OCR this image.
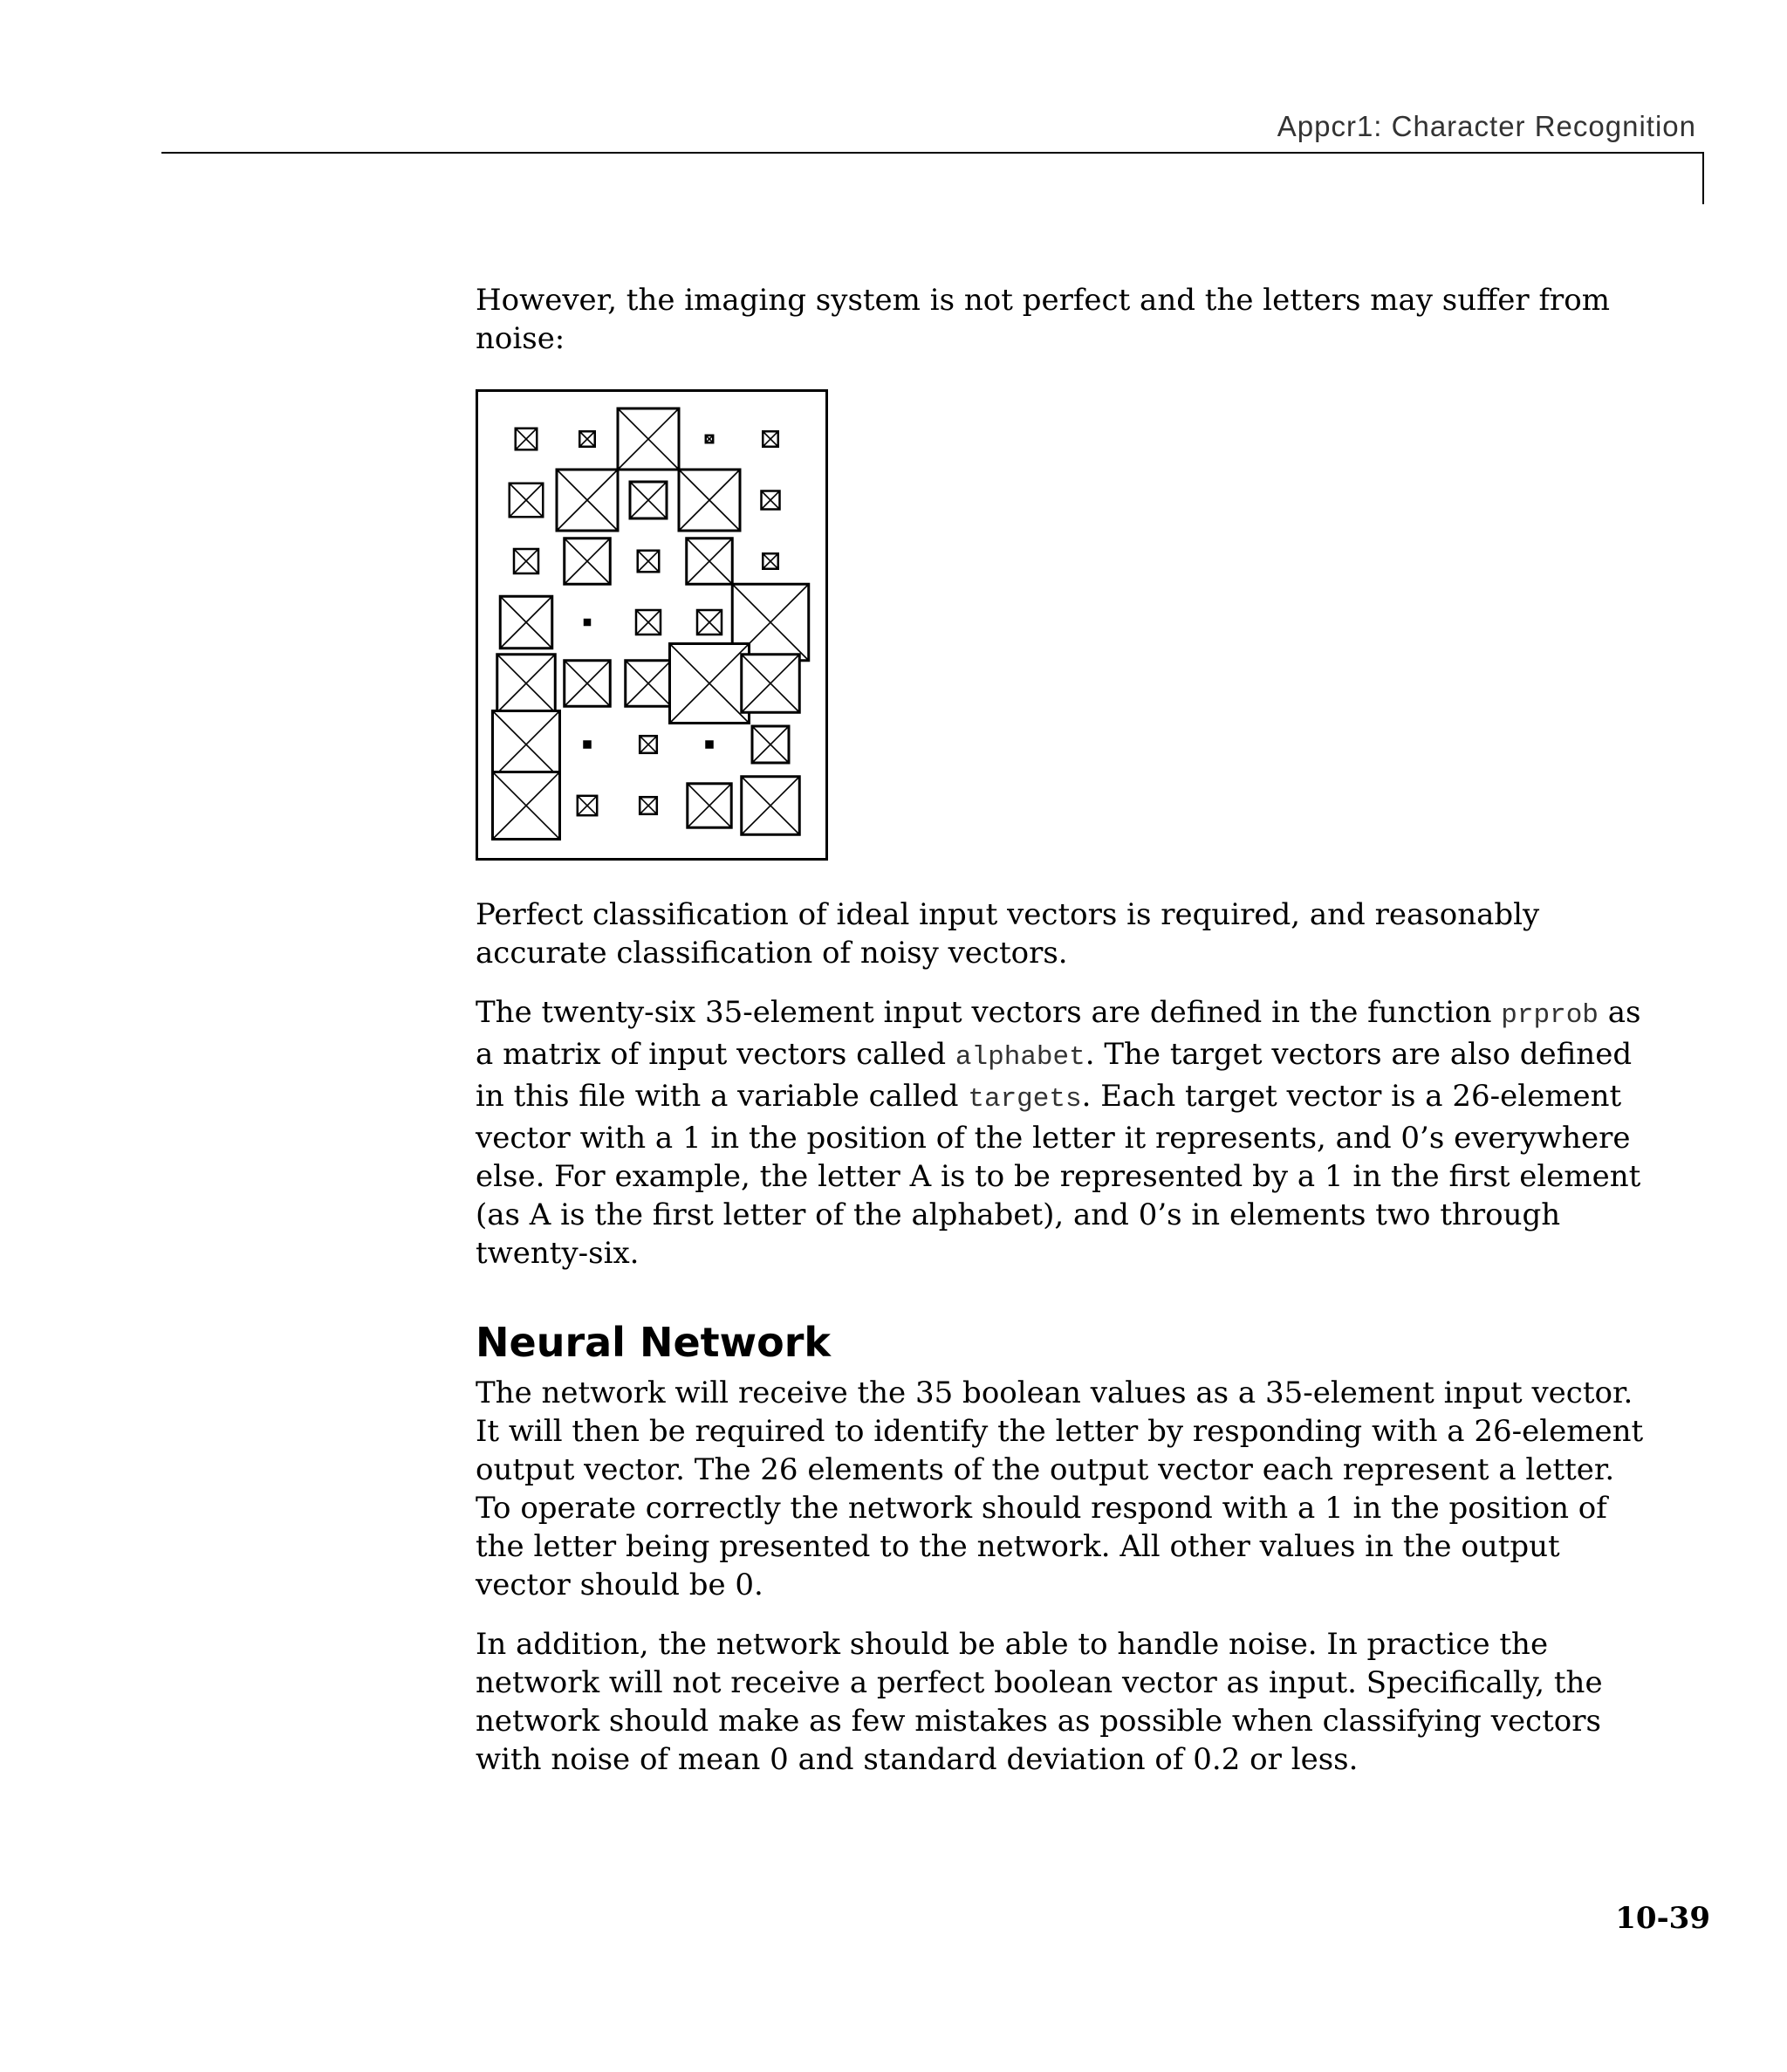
Appcr1: Character Recognition

However, the imaging system is not perfect and the letters may suffer from noise:

Perfect classification of ideal input vectors is required, and reasonably accurate classification of noisy vectors.

The twenty-six 35-element input vectors are defined in the function prprob as a matrix of input vectors called alphabet. The target vectors are also defined in this file with a variable called targets. Each target vector is a 26-element vector with a 1 in the position of the letter it represents, and 0’s everywhere else. For example, the letter A is to be represented by a 1 in the first element (as A is the first letter of the alphabet), and 0’s in elements two through twenty-six.

Neural Network

The network will receive the 35 boolean values as a 35-element input vector. It will then be required to identify the letter by responding with a 26-element output vector. The 26 elements of the output vector each represent a letter. To operate correctly the network should respond with a 1 in the position of the letter being presented to the network. All other values in the output vector should be 0.

In addition, the network should be able to handle noise. In practice the network will not receive a perfect boolean vector as input. Specifically, the network should make as few mistakes as possible when classifying vectors with noise of mean 0 and standard deviation of 0.2 or less.

10-39
